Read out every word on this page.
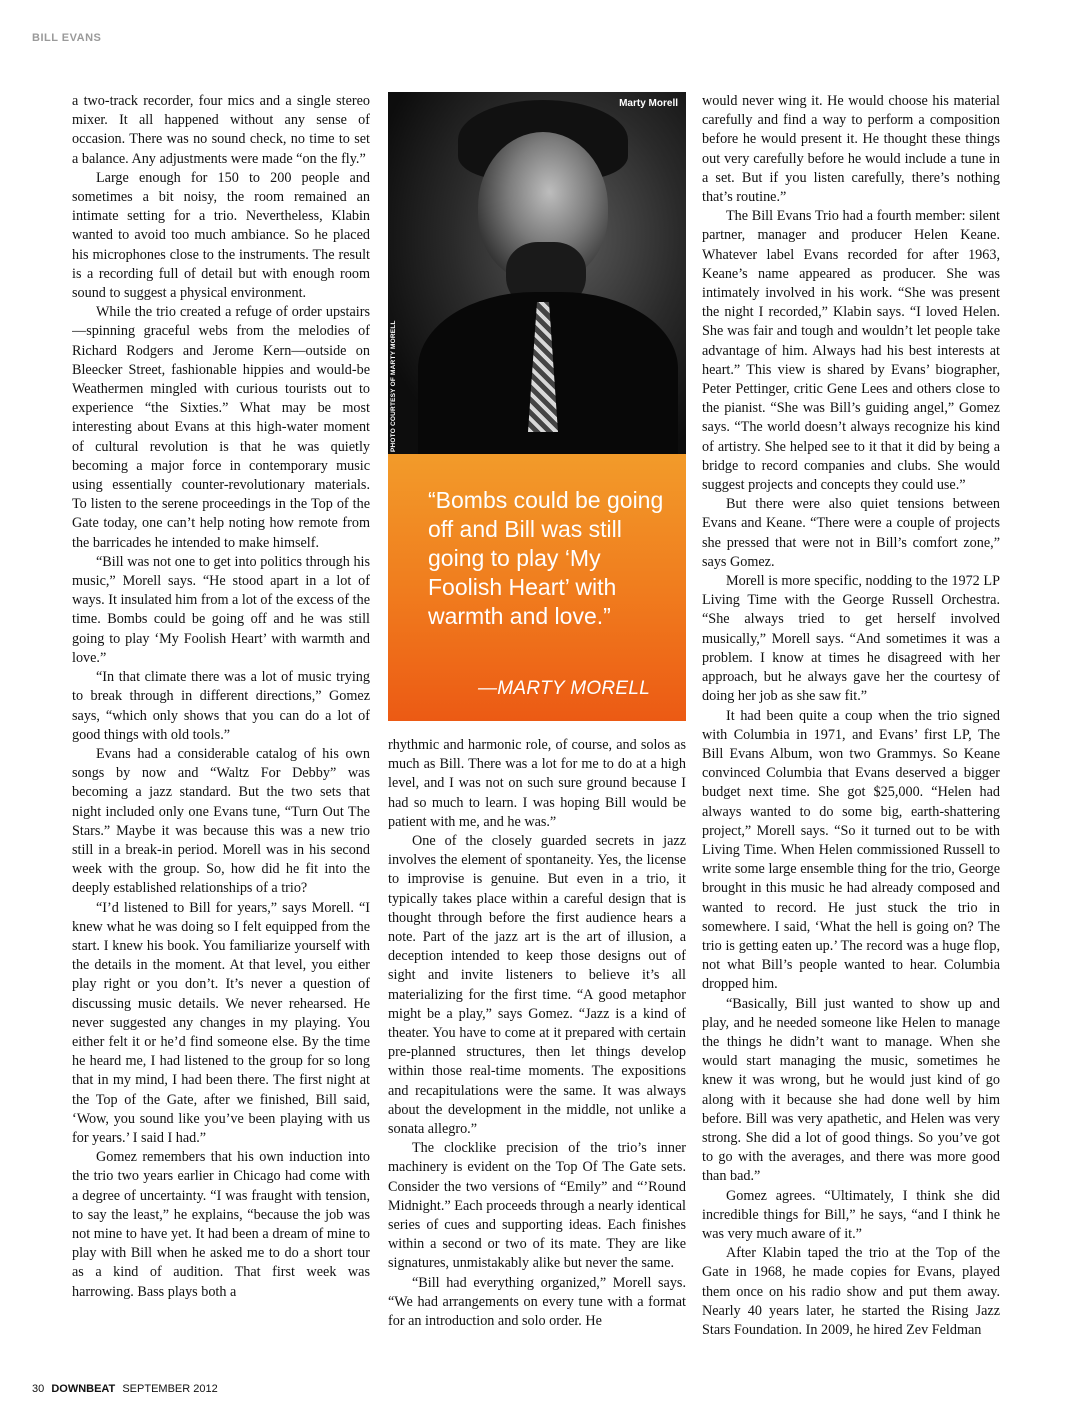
BILL EVANS

a two-track recorder, four mics and a single stereo mixer. It all happened without any sense of occasion. There was no sound check, no time to set a balance. Any adjustments were made “on the fly.”

Large enough for 150 to 200 people and sometimes a bit noisy, the room remained an intimate setting for a trio. Nevertheless, Klabin wanted to avoid too much ambiance. So he placed his microphones close to the instruments. The result is a recording full of detail but with enough room sound to suggest a physical environment.

While the trio created a refuge of order upstairs—spinning graceful webs from the melodies of Richard Rodgers and Jerome Kern—outside on Bleecker Street, fashionable hippies and would-be Weathermen mingled with curious tourists out to experience “the Sixties.” What may be most interesting about Evans at this high-water moment of cultural revolution is that he was quietly becoming a major force in contemporary music using essentially counter-revolutionary materials. To listen to the serene proceedings in the Top of the Gate today, one can’t help noting how remote from the barricades he intended to make himself.

“Bill was not one to get into politics through his music,” Morell says. “He stood apart in a lot of ways. It insulated him from a lot of the excess of the time. Bombs could be going off and he was still going to play ‘My Foolish Heart’ with warmth and love.”

“In that climate there was a lot of music trying to break through in different directions,” Gomez says, “which only shows that you can do a lot of good things with old tools.”

Evans had a considerable catalog of his own songs by now and “Waltz For Debby” was becoming a jazz standard. But the two sets that night included only one Evans tune, “Turn Out The Stars.” Maybe it was because this was a new trio still in a break-in period. Morell was in his second week with the group. So, how did he fit into the deeply established relationships of a trio?

“I’d listened to Bill for years,” says Morell. “I knew what he was doing so I felt equipped from the start. I knew his book. You familiarize yourself with the details in the moment. At that level, you either play right or you don’t. It’s never a question of discussing music details. We never rehearsed. He never suggested any changes in my playing. You either felt it or he’d find someone else. By the time he heard me, I had listened to the group for so long that in my mind, I had been there. The first night at the Top of the Gate, after we finished, Bill said, ‘Wow, you sound like you’ve been playing with us for years.’ I said I had.”

Gomez remembers that his own induction into the trio two years earlier in Chicago had come with a degree of uncertainty. “I was fraught with tension, to say the least,” he explains, “because the job was not mine to have yet. It had been a dream of mine to play with Bill when he asked me to do a short tour as a kind of audition. That first week was harrowing. Bass plays both a

Marty Morell
PHOTO COURTESY OF MARTY MORELL
“Bombs could be going off and Bill was still going to play ‘My Foolish Heart’ with warmth and love.”
—MARTY MORELL

rhythmic and harmonic role, of course, and solos as much as Bill. There was a lot for me to do at a high level, and I was not on such sure ground because I had so much to learn. I was hoping Bill would be patient with me, and he was.”

One of the closely guarded secrets in jazz involves the element of spontaneity. Yes, the license to improvise is genuine. But even in a trio, it typically takes place within a careful design that is thought through before the first audience hears a note. Part of the jazz art is the art of illusion, a deception intended to keep those designs out of sight and invite listeners to believe it’s all materializing for the first time. “A good metaphor might be a play,” says Gomez. “Jazz is a kind of theater. You have to come at it prepared with certain pre-planned structures, then let things develop within those real-time moments. The expositions and recapitulations were the same. It was always about the development in the middle, not unlike a sonata allegro.”

The clocklike precision of the trio’s inner machinery is evident on the Top Of The Gate sets. Consider the two versions of “Emily” and “’Round Midnight.” Each proceeds through a nearly identical series of cues and supporting ideas. Each finishes within a second or two of its mate. They are like signatures, unmistakably alike but never the same.

“Bill had everything organized,” Morell says. “We had arrangements on every tune with a format for an introduction and solo order. He

would never wing it. He would choose his material carefully and find a way to perform a composition before he would present it. He thought these things out very carefully before he would include a tune in a set. But if you listen carefully, there’s nothing that’s routine.”

The Bill Evans Trio had a fourth member: silent partner, manager and producer Helen Keane. Whatever label Evans recorded for after 1963, Keane’s name appeared as producer. She was intimately involved in his work. “She was present the night I recorded,” Klabin says. “I loved Helen. She was fair and tough and wouldn’t let people take advantage of him. Always had his best interests at heart.” This view is shared by Evans’ biographer, Peter Pettinger, critic Gene Lees and others close to the pianist. “She was Bill’s guiding angel,” Gomez says. “The world doesn’t always recognize his kind of artistry. She helped see to it that it did by being a bridge to record companies and clubs. She would suggest projects and concepts they could use.”

But there were also quiet tensions between Evans and Keane. “There were a couple of projects she pressed that were not in Bill’s comfort zone,” says Gomez.

Morell is more specific, nodding to the 1972 LP Living Time with the George Russell Orchestra. “She always tried to get herself involved musically,” Morell says. “And sometimes it was a problem. I know at times he disagreed with her approach, but he always gave her the courtesy of doing her job as she saw fit.”

It had been quite a coup when the trio signed with Columbia in 1971, and Evans’ first LP, The Bill Evans Album, won two Grammys. So Keane convinced Columbia that Evans deserved a bigger budget next time. She got $25,000. “Helen had always wanted to do some big, earth-shattering project,” Morell says. “So it turned out to be with Living Time. When Helen commissioned Russell to write some large ensemble thing for the trio, George brought in this music he had already composed and wanted to record. He just stuck the trio in somewhere. I said, ‘What the hell is going on? The trio is getting eaten up.’ The record was a huge flop, not what Bill’s people wanted to hear. Columbia dropped him.

“Basically, Bill just wanted to show up and play, and he needed someone like Helen to manage the things he didn’t want to manage. When she would start managing the music, sometimes he knew it was wrong, but he would just kind of go along with it because she had done well by him before. Bill was very apathetic, and Helen was very strong. She did a lot of good things. So you’ve got to go with the averages, and there was more good than bad.”

Gomez agrees. “Ultimately, I think she did incredible things for Bill,” he says, “and I think he was very much aware of it.”

After Klabin taped the trio at the Top of the Gate in 1968, he made copies for Evans, played them once on his radio show and put them away. Nearly 40 years later, he started the Rising Jazz Stars Foundation. In 2009, he hired Zev Feldman

30 DOWNBEAT SEPTEMBER 2012
